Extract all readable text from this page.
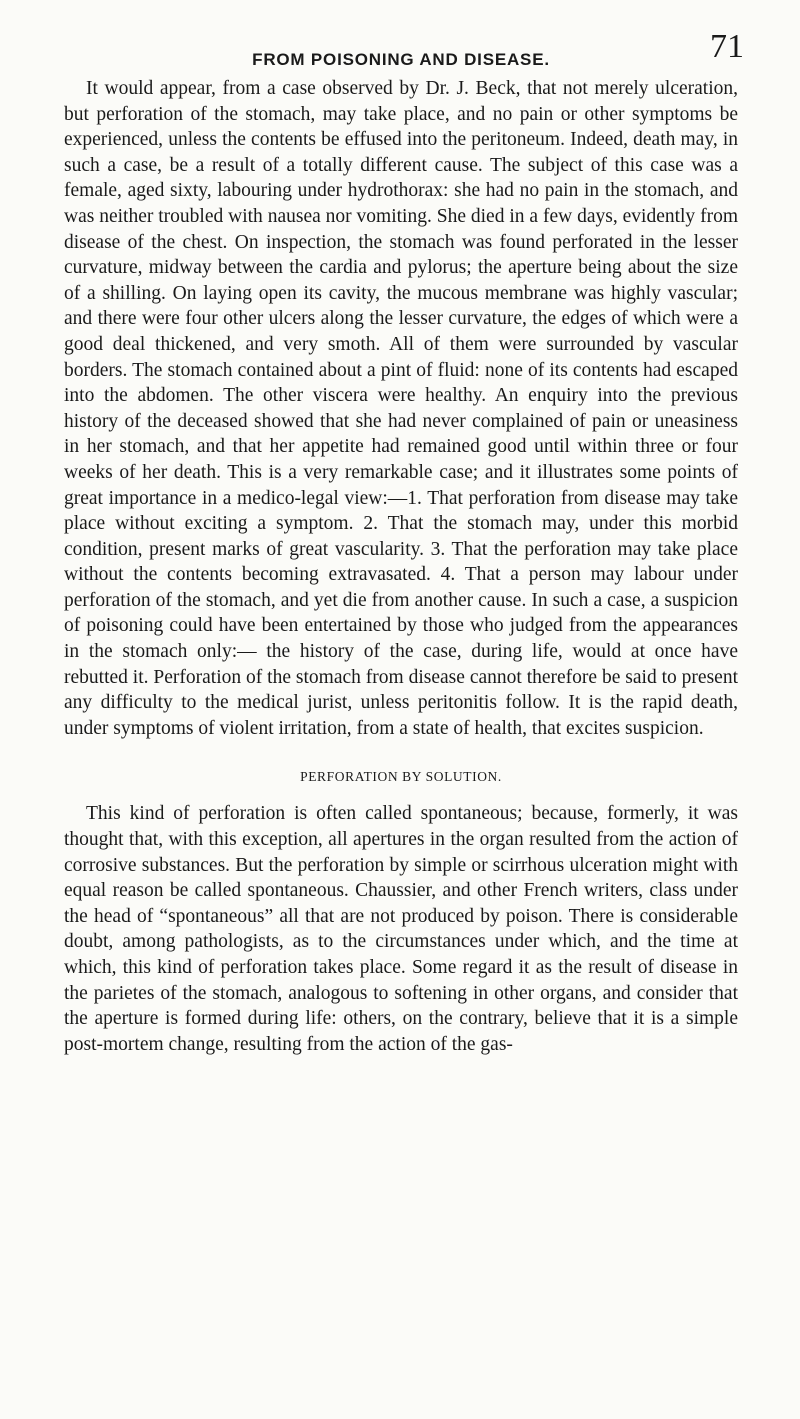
FROM POISONING AND DISEASE.	71

It would appear, from a case observed by Dr. J. Beck, that not merely ulceration, but perforation of the stomach, may take place, and no pain or other symptoms be experienced, unless the contents be effused into the peritoneum. Indeed, death may, in such a case, be a result of a totally different cause. The subject of this case was a female, aged sixty, labouring under hydrothorax: she had no pain in the stomach, and was neither troubled with nausea nor vomiting. She died in a few days, evidently from disease of the chest. On inspection, the stomach was found perforated in the lesser curvature, midway between the cardia and pylorus; the aperture being about the size of a shilling. On laying open its cavity, the mucous membrane was highly vascular; and there were four other ulcers along the lesser curvature, the edges of which were a good deal thickened, and very smoth. All of them were surrounded by vascular borders. The stomach contained about a pint of fluid: none of its contents had escaped into the abdomen. The other viscera were healthy. An enquiry into the previous history of the deceased showed that she had never complained of pain or uneasiness in her stomach, and that her appetite had remained good until within three or four weeks of her death. This is a very remarkable case; and it illustrates some points of great importance in a medico-legal view:—1. That perforation from disease may take place without exciting a symptom. 2. That the stomach may, under this morbid condition, present marks of great vascularity. 3. That the perforation may take place without the contents becoming extravasated. 4. That a person may labour under perforation of the stomach, and yet die from another cause. In such a case, a suspicion of poisoning could have been entertained by those who judged from the appearances in the stomach only:— the history of the case, during life, would at once have rebutted it. Perforation of the stomach from disease cannot therefore be said to present any difficulty to the medical jurist, unless peritonitis follow. It is the rapid death, under symptoms of violent irritation, from a state of health, that excites suspicion.

PERFORATION BY SOLUTION.

This kind of perforation is often called spontaneous; because, formerly, it was thought that, with this exception, all apertures in the organ resulted from the action of corrosive substances. But the perforation by simple or scirrhous ulceration might with equal reason be called spontaneous. Chaussier, and other French writers, class under the head of “spontaneous” all that are not produced by poison. There is considerable doubt, among pathologists, as to the circumstances under which, and the time at which, this kind of perforation takes place. Some regard it as the result of disease in the parietes of the stomach, analogous to softening in other organs, and consider that the aperture is formed during life: others, on the contrary, believe that it is a simple post-mortem change, resulting from the action of the gas-
